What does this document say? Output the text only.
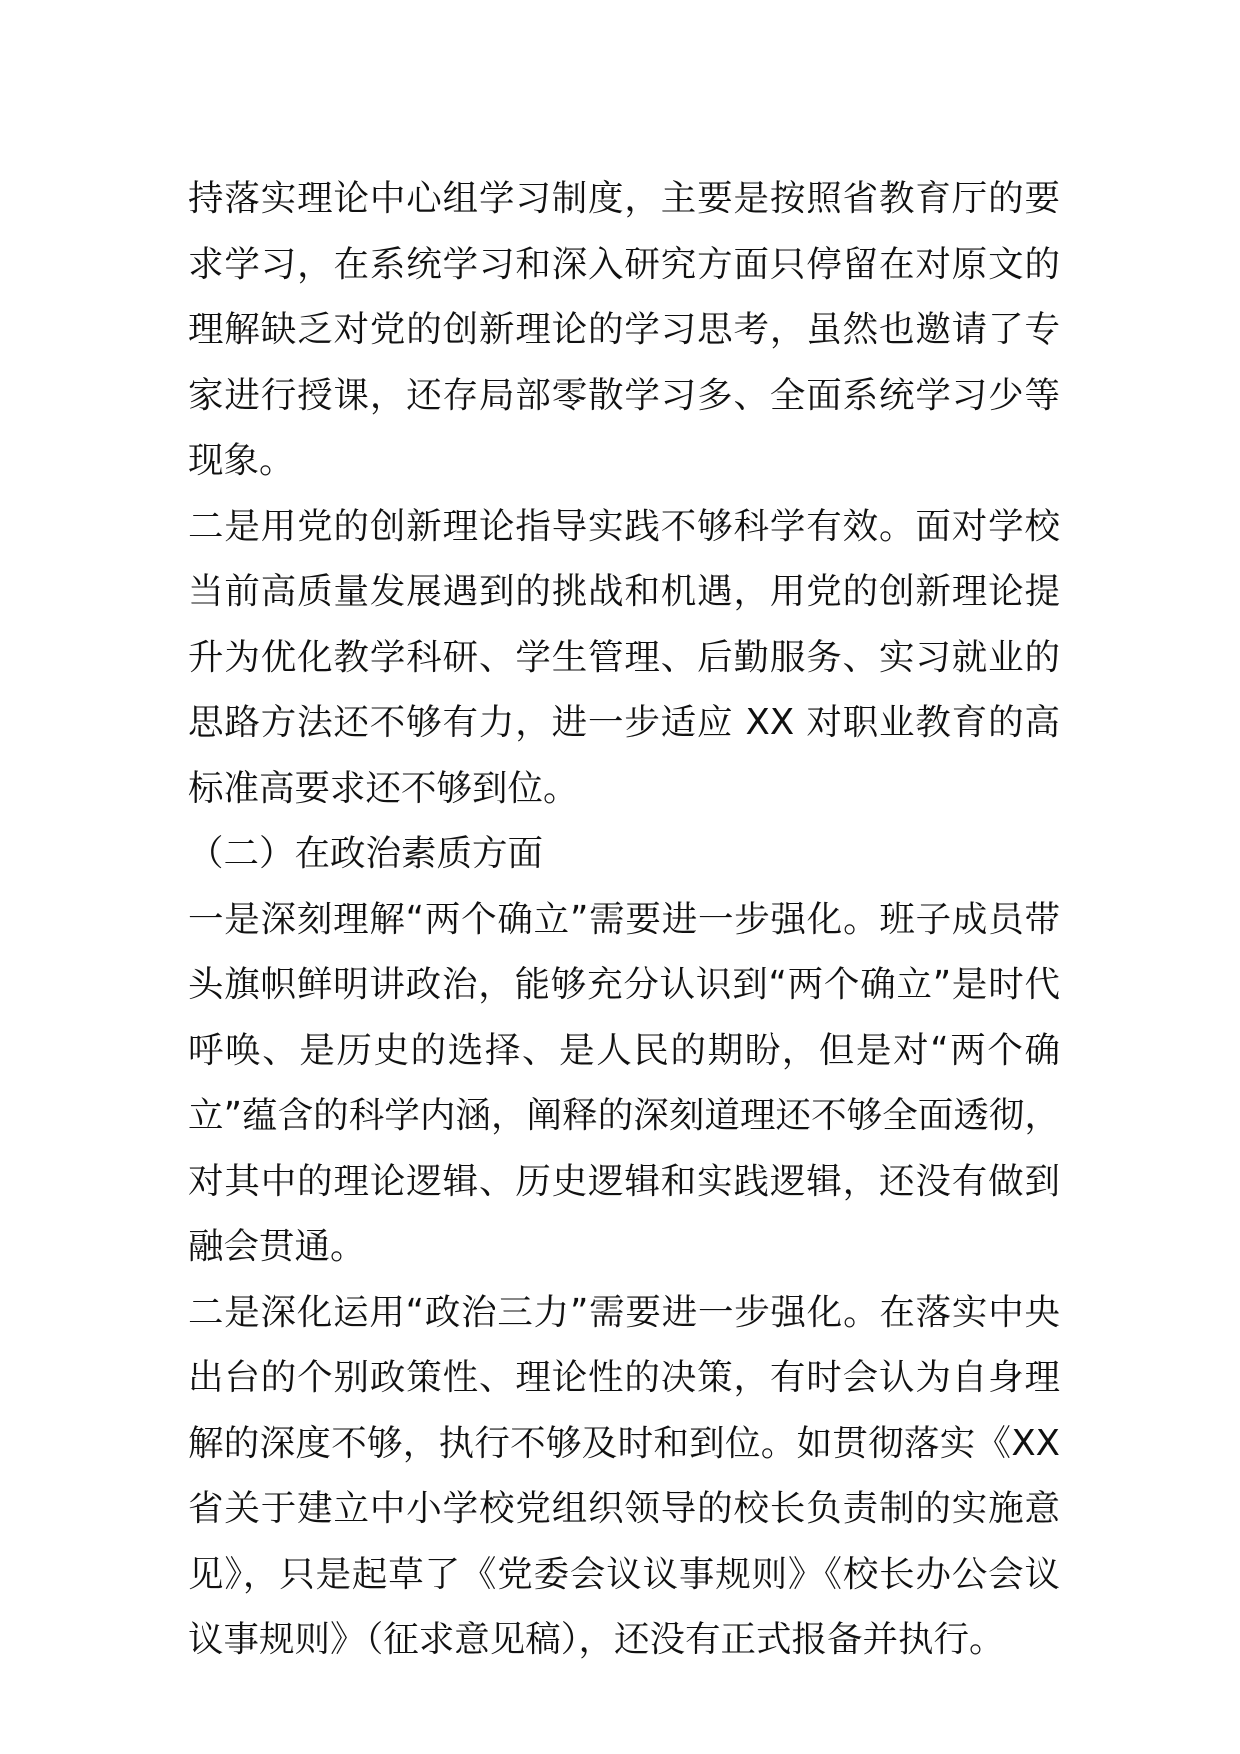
持落实理论中心组学习制度，主要是按照省教育厅的要求学习，在系统学习和深入研究方面只停留在对原文的理解缺乏对党的创新理论的学习思考，虽然也邀请了专家进行授课，还存局部零散学习多、全面系统学习少等现象。

二是用党的创新理论指导实践不够科学有效。面对学校当前高质量发展遇到的挑战和机遇，用党的创新理论提升为优化教学科研、学生管理、后勤服务、实习就业的思路方法还不够有力，进一步适应 XX 对职业教育的高标准高要求还不够到位。

（二）在政治素质方面

一是深刻理解“两个确立”需要进一步强化。班子成员带头旗帜鲜明讲政治，能够充分认识到“两个确立”是时代呼唤、是历史的选择、是人民的期盼，但是对“两个确立”蕴含的科学内涵，阐释的深刻道理还不够全面透彻，对其中的理论逻辑、历史逻辑和实践逻辑，还没有做到融会贯通。

二是深化运用“政治三力”需要进一步强化。在落实中央出台的个别政策性、理论性的决策，有时会认为自身理解的深度不够，执行不够及时和到位。如贯彻落实《XX 省关于建立中小学校党组织领导的校长负责制的实施意见》，只是起草了《党委会议议事规则》《校长办公会议议事规则》（征求意见稿），还没有正式报备并执行。
